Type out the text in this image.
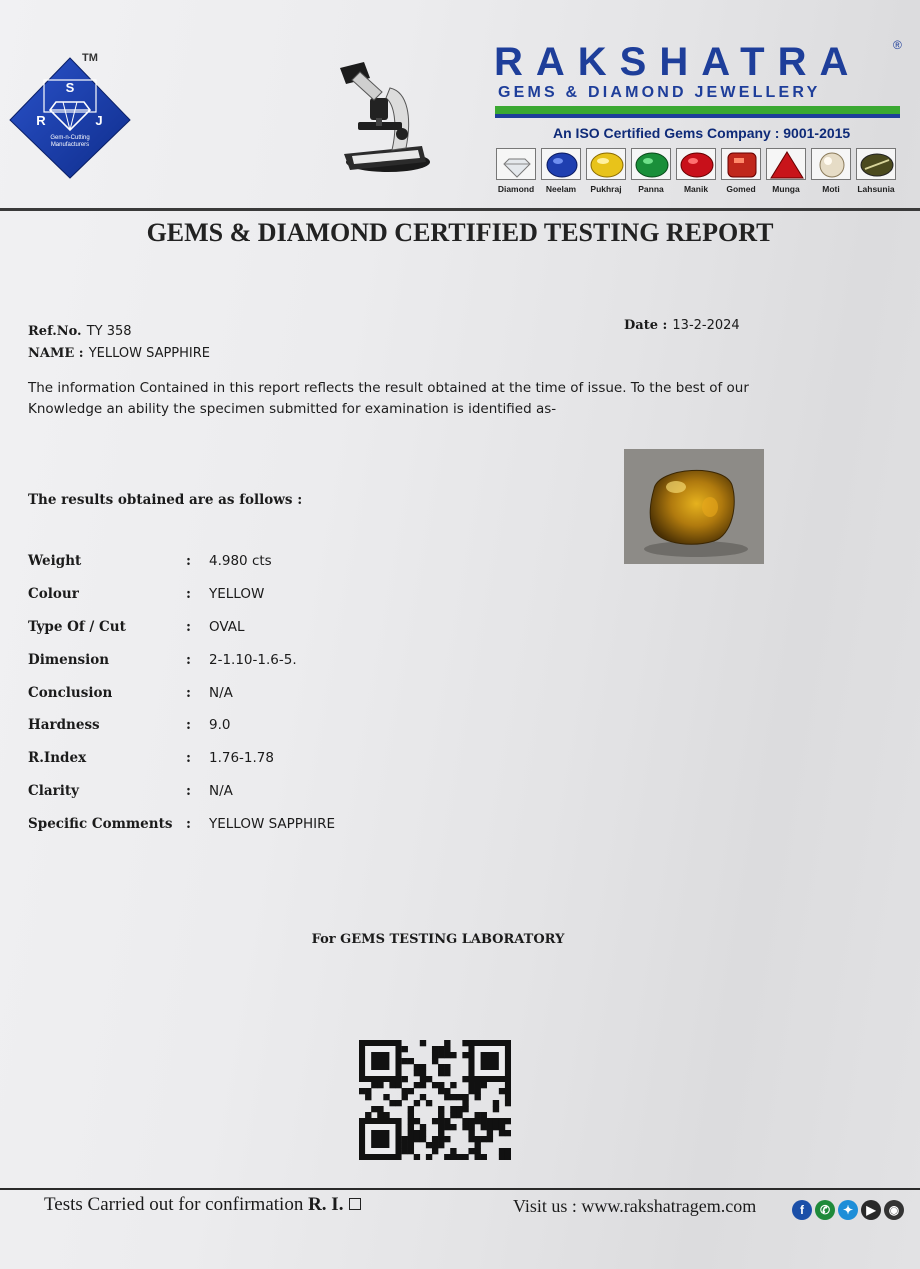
S
R	J
Gem-n-Cutting
Manufacturers
TM	RAKSHATRA	®
GEMS & DIAMOND JEWELLERY
An ISO Certified Gems Company : 9001-2015
Diamond	Neelam	Pukhraj	Panna	Manik	Gomed	Munga	Moti	Lahsunia
GEMS & DIAMOND CERTIFIED TESTING REPORT
Ref.No. TY 358
NAME : YELLOW SAPPHIRE
Date : 13-2-2024
The information Contained in this report reflects the result obtained at the time of issue. To the best of our
Knowledge an ability the specimen submitted for examination is identified as-
The results obtained are as follows :
Weight	: 4.980 cts
Colour	: YELLOW
Type Of / Cut	: OVAL
Dimension	: 2-1.10-1.6-5.
Conclusion	: N/A
Hardness	: 9.0
R.Index	: 1.76-1.78
Clarity	: N/A
Specific Comments : YELLOW SAPPHIRE
For GEMS TESTING LABORATORY
Tests Carried out for confirmation R. I.	Visit us : www.rakshatragem.com	f	✆	✦	▶	◉
